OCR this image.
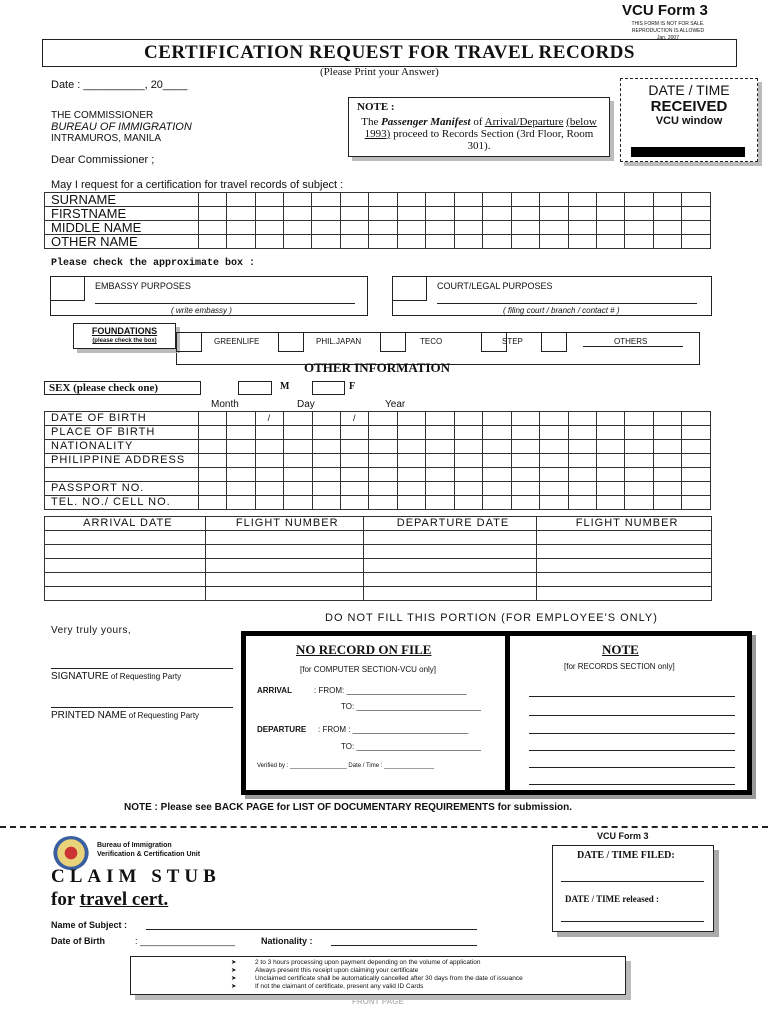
VCU Form 3
THIS FORM IS NOT FOR SALE.
REPRODUCTION IS ALLOWED
Jan. 2007
CERTIFICATION REQUEST FOR TRAVEL RECORDS
(Please Print your Answer)
Date : __________, 20____
THE COMMISSIONER
BUREAU OF IMMIGRATION
INTRAMUROS, MANILA
Dear Commissioner ;
NOTE :
The Passenger Manifest of Arrival/Departure (below 1993) proceed to Records Section (3rd Floor, Room 301).
DATE / TIME
RECEIVED
VCU window
May I request for a certification for travel records of subject :
SURNAME																		
FIRSTNAME																		
MIDDLE NAME																		
OTHER NAME																		
Please check the approximate box :
EMBASSY PURPOSES
( write embassy )
COURT/LEGAL PURPOSES
( filing court / branch / contact # )
FOUNDATIONS
(please check the box)	GREENLIFE	PHIL.JAPAN	TECO	STEP	OTHERS
OTHER INFORMATION
SEX (please check one)	M	F
Month	Day	Year
DATE OF BIRTH			/			/												
PLACE OF BIRTH																		
NATIONALITY																		
PHILIPPINE ADDRESS																		

PASSPORT NO.																		
TEL. NO./ CELL NO.																		
ARRIVAL DATE	FLIGHT NUMBER	DEPARTURE DATE	FLIGHT NUMBER

DO NOT FILL THIS PORTION (FOR EMPLOYEE'S ONLY)
Very truly yours,
SIGNATURE of Requesting Party
PRINTED NAME of Requesting Party
NO RECORD ON FILE
[for COMPUTER SECTION-VCU only]
ARRIVAL	: FROM: ___________________________
TO: ____________________________
DEPARTURE : FROM : __________________________
TO: ____________________________
Verified by : _________________ Date / Time : _______________
NOTE
[for RECORDS SECTION only]
NOTE : Please see BACK PAGE for LIST OF DOCUMENTARY REQUIREMENTS for submission.
VCU Form 3
Bureau of Immigration
Verification & Certification Unit
CLAIM STUB
for travel cert.
Name of Subject :
Date of Birth	: ___________________	Nationality :
DATE / TIME FILED:
DATE / TIME released :
➤	2 to 3 hours processing upon payment depending on the volume of application
➤	Always present this receipt upon claiming your certificate
➤	Unclaimed certificate shall be automatically cancelled after 30 days from the date of issuance
➤	If not the claimant of certificate, present any valid ID Cards
FRONT PAGE
